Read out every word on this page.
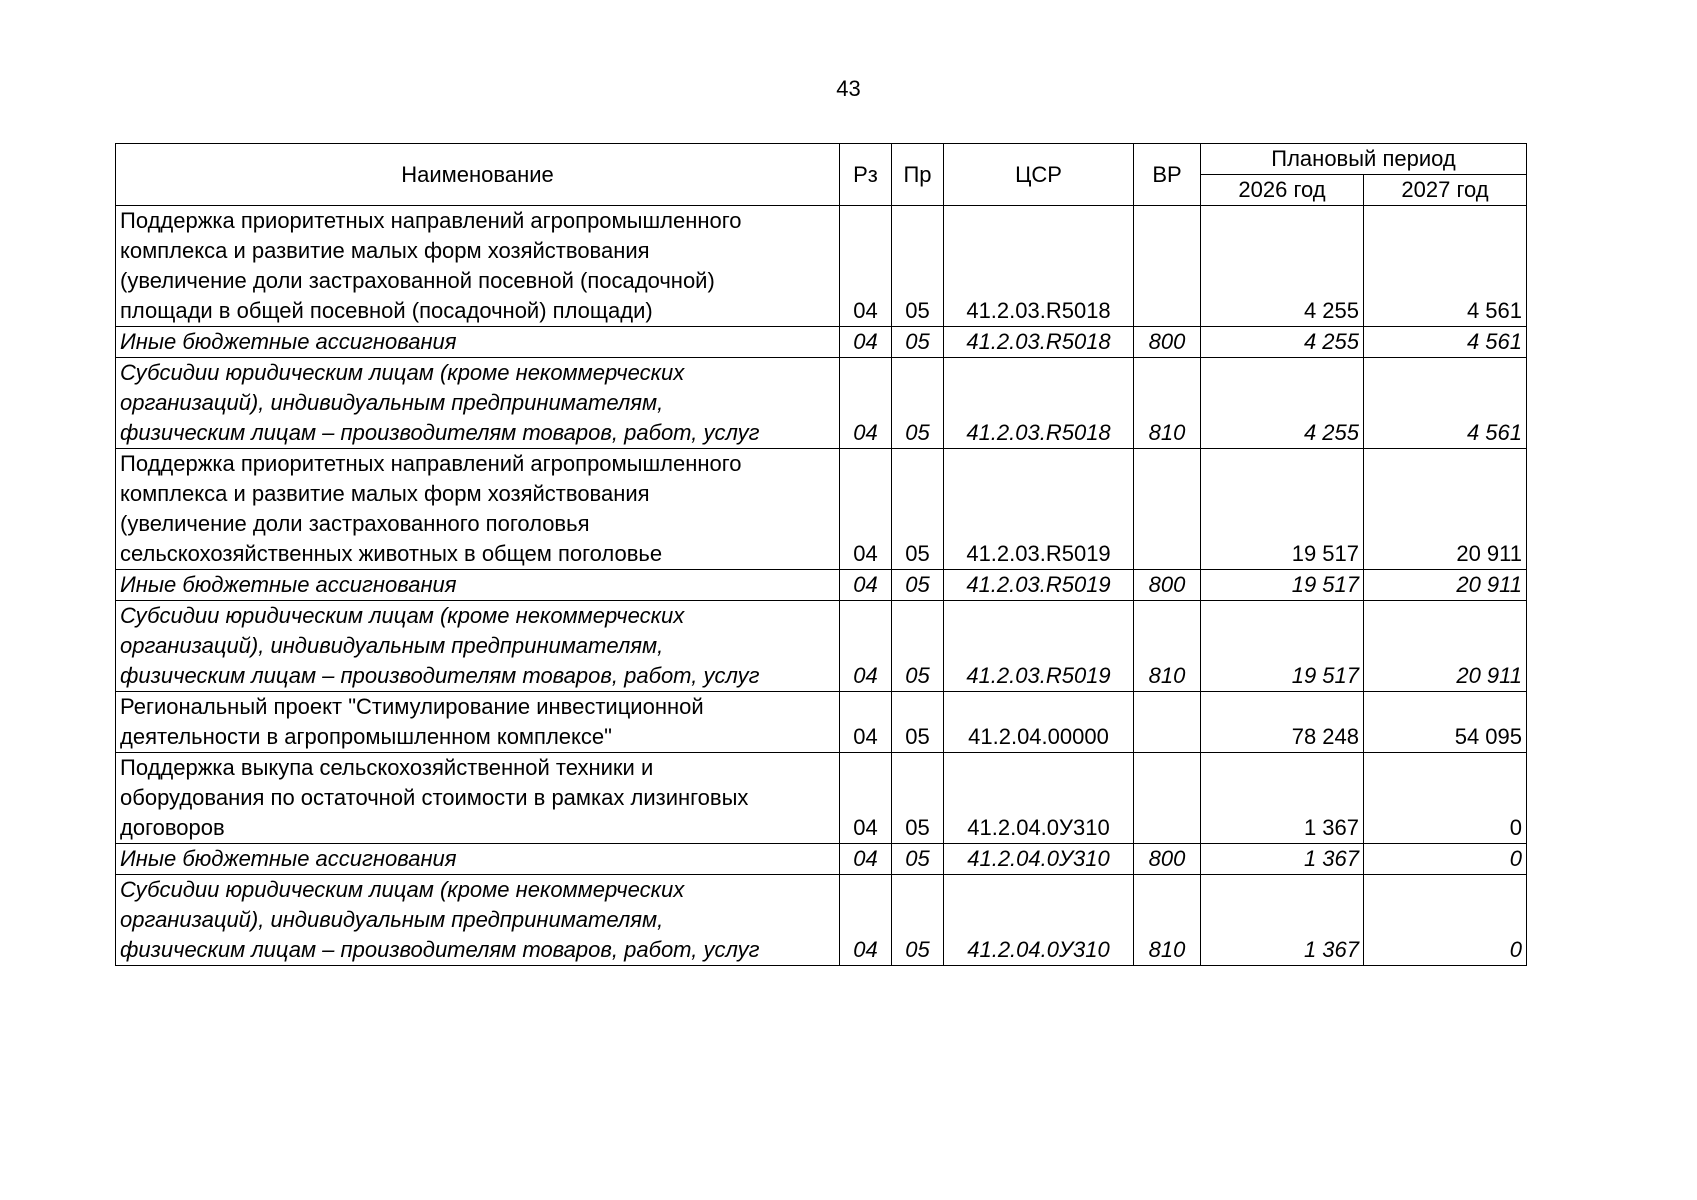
43
Наименование	Рз	Пр	ЦСР	ВР	Плановый период	
					2026 год	2027 год

Поддержка приоритетных направлений агропромышленного
комплекса и развитие малых форм хозяйствования
(увеличение доли застрахованной посевной (посадочной)
площади в общей посевной (посадочной) площади)	04	05	41.2.03.R5018		4 255	4 561

Иные бюджетные ассигнования	04	05	41.2.03.R5018	800	4 255	4 561

Субсидии юридическим лицам (кроме некоммерческих
организаций), индивидуальным предпринимателям,
физическим лицам – производителям товаров, работ, услуг	04	05	41.2.03.R5018	810	4 255	4 561

Поддержка приоритетных направлений агропромышленного
комплекса и развитие малых форм хозяйствования
(увеличение доли застрахованного поголовья
сельскохозяйственных животных в общем поголовье	04	05	41.2.03.R5019		19 517	20 911

Иные бюджетные ассигнования	04	05	41.2.03.R5019	800	19 517	20 911

Субсидии юридическим лицам (кроме некоммерческих
организаций), индивидуальным предпринимателям,
физическим лицам – производителям товаров, работ, услуг	04	05	41.2.03.R5019	810	19 517	20 911

Региональный проект "Стимулирование инвестиционной
деятельности в агропромышленном комплексе"	04	05	41.2.04.00000		78 248	54 095

Поддержка выкупа сельскохозяйственной техники и
оборудования по остаточной стоимости в рамках лизинговых
договоров	04	05	41.2.04.0У310		1 367	0

Иные бюджетные ассигнования	04	05	41.2.04.0У310	800	1 367	0

Субсидии юридическим лицам (кроме некоммерческих
организаций), индивидуальным предпринимателям,
физическим лицам – производителям товаров, работ, услуг	04	05	41.2.04.0У310	810	1 367	0
